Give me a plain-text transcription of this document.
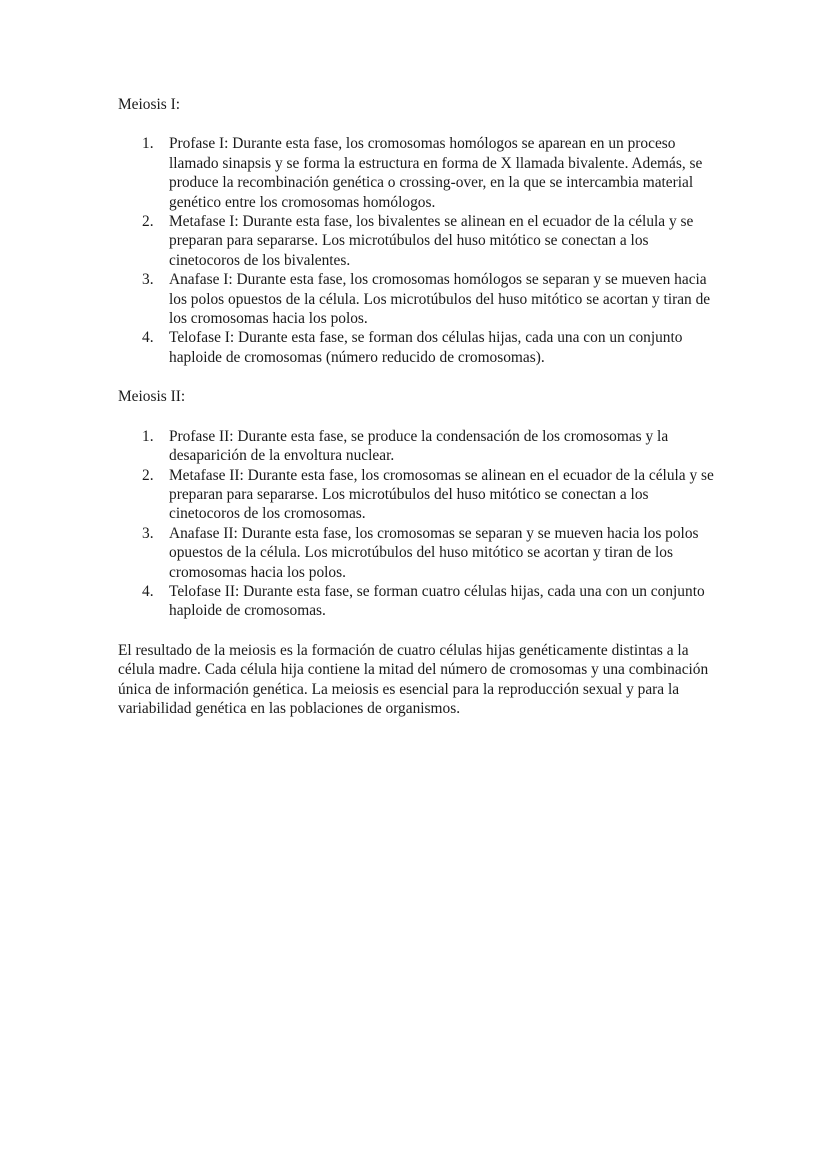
Meiosis I:

1. Profase I: Durante esta fase, los cromosomas homólogos se aparean en un proceso llamado sinapsis y se forma la estructura en forma de X llamada bivalente. Además, se produce la recombinación genética o crossing-over, en la que se intercambia material genético entre los cromosomas homólogos.
2. Metafase I: Durante esta fase, los bivalentes se alinean en el ecuador de la célula y se preparan para separarse. Los microtúbulos del huso mitótico se conectan a los cinetocoros de los bivalentes.
3. Anafase I: Durante esta fase, los cromosomas homólogos se separan y se mueven hacia los polos opuestos de la célula. Los microtúbulos del huso mitótico se acortan y tiran de los cromosomas hacia los polos.
4. Telofase I: Durante esta fase, se forman dos células hijas, cada una con un conjunto haploide de cromosomas (número reducido de cromosomas).

Meiosis II:

1. Profase II: Durante esta fase, se produce la condensación de los cromosomas y la desaparición de la envoltura nuclear.
2. Metafase II: Durante esta fase, los cromosomas se alinean en el ecuador de la célula y se preparan para separarse. Los microtúbulos del huso mitótico se conectan a los cinetocoros de los cromosomas.
3. Anafase II: Durante esta fase, los cromosomas se separan y se mueven hacia los polos opuestos de la célula. Los microtúbulos del huso mitótico se acortan y tiran de los cromosomas hacia los polos.
4. Telofase II: Durante esta fase, se forman cuatro células hijas, cada una con un conjunto haploide de cromosomas.

El resultado de la meiosis es la formación de cuatro células hijas genéticamente distintas a la célula madre. Cada célula hija contiene la mitad del número de cromosomas y una combinación única de información genética. La meiosis es esencial para la reproducción sexual y para la variabilidad genética en las poblaciones de organismos.
